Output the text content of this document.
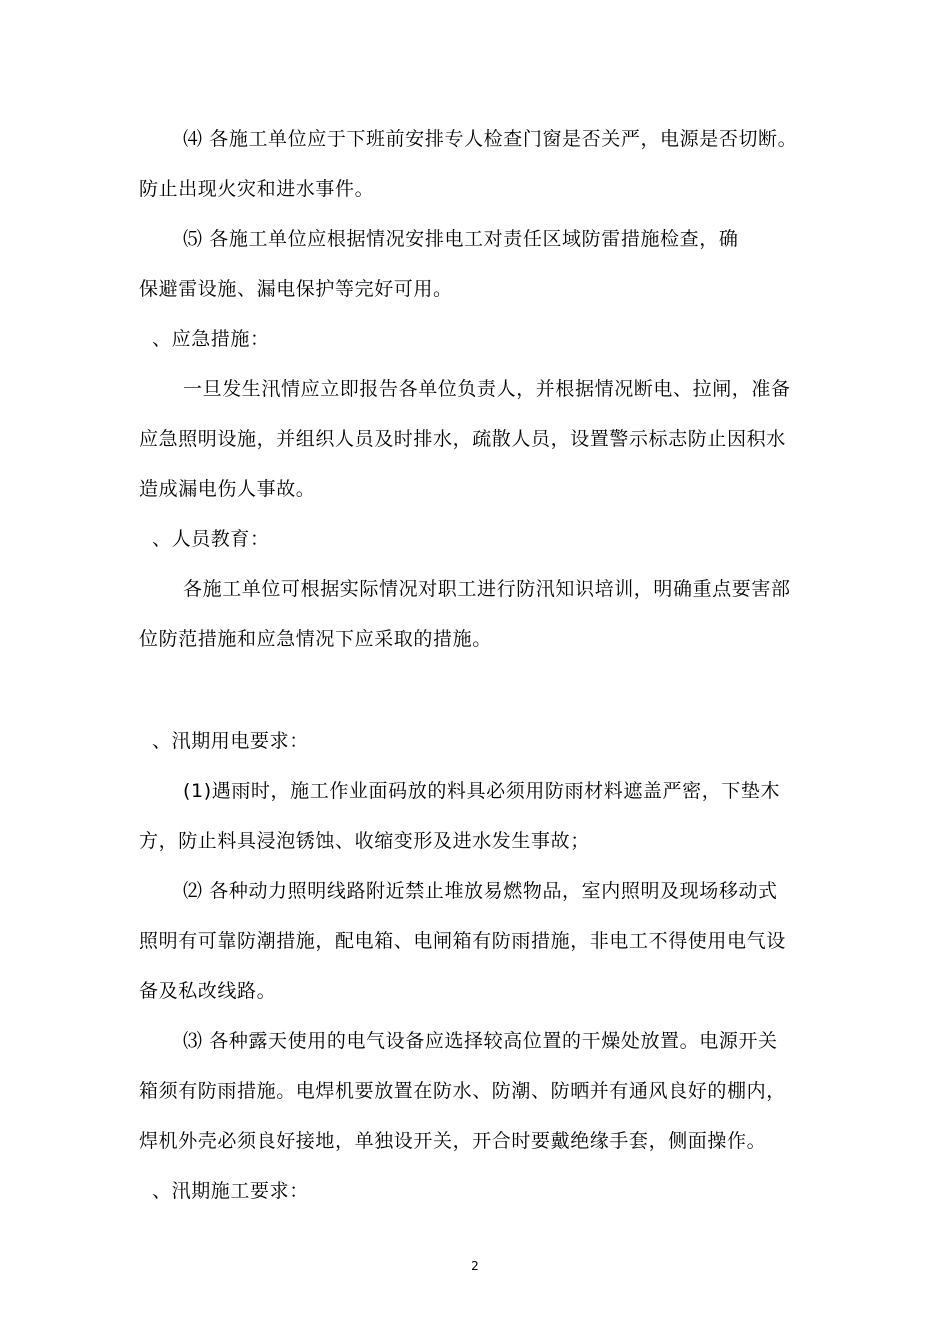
⑷ 各施工单位应于下班前安排专人检查门窗是否关严，电源是否切断。
防止出现火灾和进水事件。
⑸ 各施工单位应根据情况安排电工对责任区域防雷措施检查，确
保避雷设施、漏电保护等完好可用。
、应急措施：
一旦发生汛情应立即报告各单位负责人，并根据情况断电、拉闸，准备
应急照明设施，并组织人员及时排水，疏散人员，设置警示标志防止因积水
造成漏电伤人事故。
、人员教育：
各施工单位可根据实际情况对职工进行防汛知识培训，明确重点要害部
位防范措施和应急情况下应采取的措施。
、汛期用电要求：
(1)遇雨时，施工作业面码放的料具必须用防雨材料遮盖严密，下垫木
方，防止料具浸泡锈蚀、收缩变形及进水发生事故；
⑵ 各种动力照明线路附近禁止堆放易燃物品，室内照明及现场移动式
照明有可靠防潮措施，配电箱、电闸箱有防雨措施，非电工不得使用电气设
备及私改线路。
⑶ 各种露天使用的电气设备应选择较高位置的干燥处放置。电源开关
箱须有防雨措施。电焊机要放置在防水、防潮、防晒并有通风良好的棚内，
焊机外壳必须良好接地，单独设开关，开合时要戴绝缘手套，侧面操作。
、汛期施工要求：
2
